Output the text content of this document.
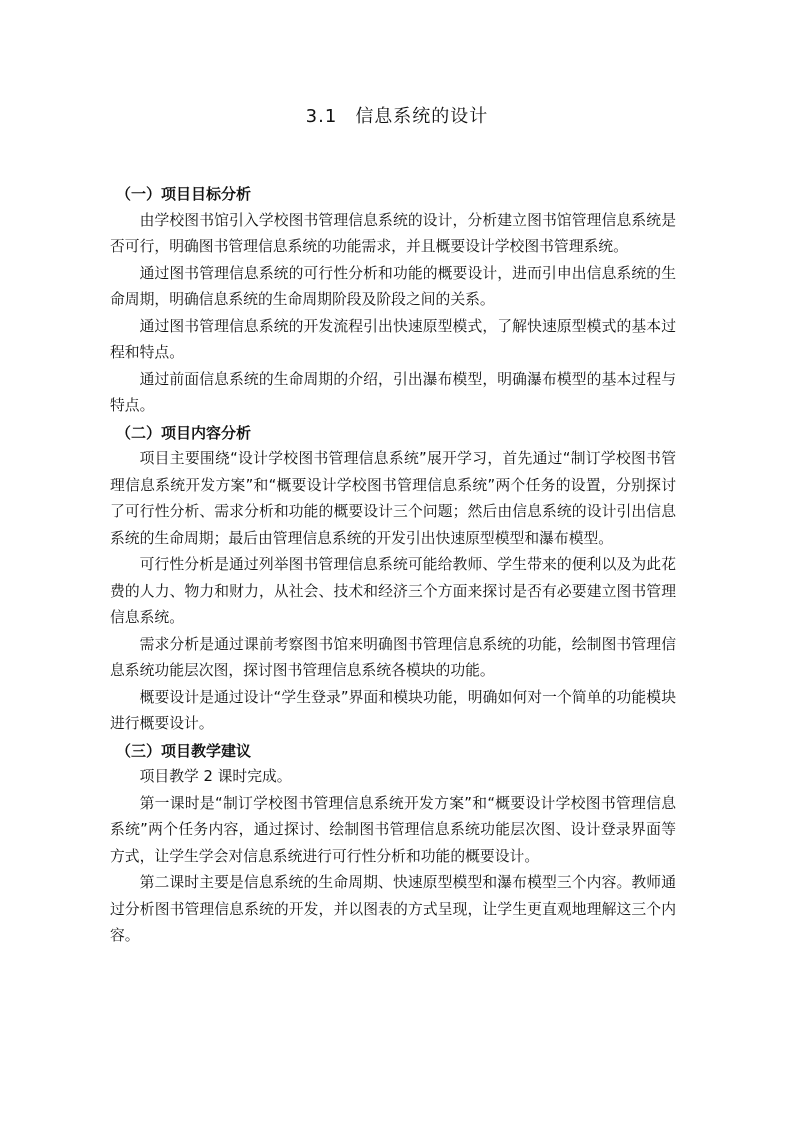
3.1 信息系统的设计
（一）项目目标分析

由学校图书馆引入学校图书管理信息系统的设计，分析建立图书馆管理信息系统是否可行，明确图书管理信息系统的功能需求，并且概要设计学校图书管理系统。

通过图书管理信息系统的可行性分析和功能的概要设计，进而引申出信息系统的生命周期，明确信息系统的生命周期阶段及阶段之间的关系。

通过图书管理信息系统的开发流程引出快速原型模式，了解快速原型模式的基本过程和特点。

通过前面信息系统的生命周期的介绍，引出瀑布模型，明确瀑布模型的基本过程与特点。

（二）项目内容分析

项目主要围绕“设计学校图书管理信息系统”展开学习，首先通过“制订学校图书管理信息系统开发方案”和“概要设计学校图书管理信息系统”两个任务的设置，分别探讨了可行性分析、需求分析和功能的概要设计三个问题；然后由信息系统的设计引出信息系统的生命周期；最后由管理信息系统的开发引出快速原型模型和瀑布模型。

可行性分析是通过列举图书管理信息系统可能给教师、学生带来的便利以及为此花费的人力、物力和财力，从社会、技术和经济三个方面来探讨是否有必要建立图书管理信息系统。

需求分析是通过课前考察图书馆来明确图书管理信息系统的功能，绘制图书管理信息系统功能层次图，探讨图书管理信息系统各模块的功能。

概要设计是通过设计“学生登录”界面和模块功能，明确如何对一个简单的功能模块进行概要设计。

（三）项目教学建议

项目教学 2 课时完成。

第一课时是“制订学校图书管理信息系统开发方案”和“概要设计学校图书管理信息系统”两个任务内容，通过探讨、绘制图书管理信息系统功能层次图、设计登录界面等方式，让学生学会对信息系统进行可行性分析和功能的概要设计。

第二课时主要是信息系统的生命周期、快速原型模型和瀑布模型三个内容。教师通过分析图书管理信息系统的开发，并以图表的方式呈现，让学生更直观地理解这三个内容。
